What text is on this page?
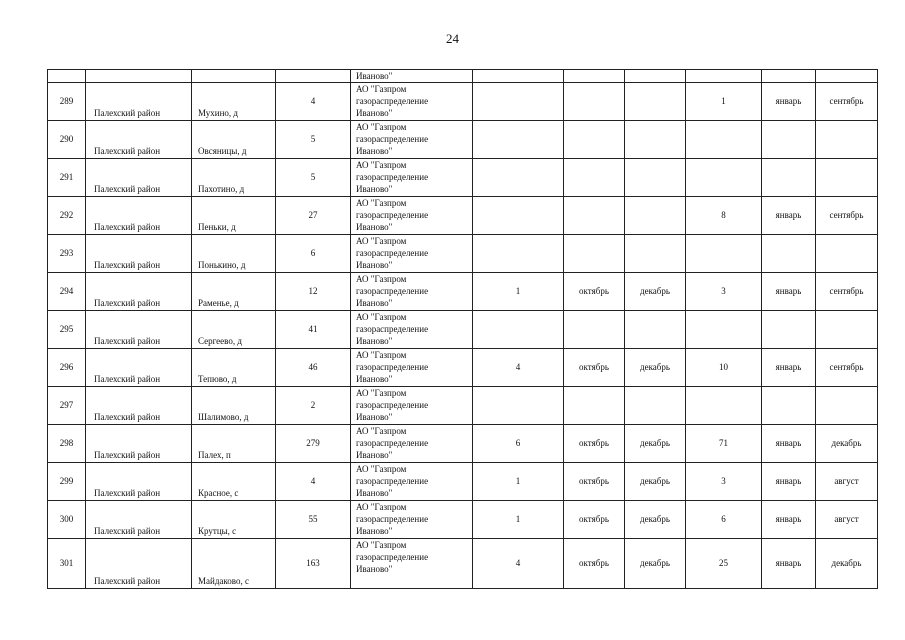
24
				Иваново"						
289	Палехский район	Мухино, д	4	АО "Газпром
газораспределение
Иваново"				1	январь	сентябрь
290	Палехский район	Овсяницы, д	5	АО "Газпром
газораспределение
Иваново"						

291	Палехский район	Пахотино, д	5	АО "Газпром
газораспределение
Иваново"						

292	Палехский район	Пеньки, д	27	АО "Газпром
газораспределение
Иваново"				8	январь	сентябрь
293	Палехский район	Понькино, д	6	АО "Газпром
газораспределение
Иваново"						

294	Палехский район	Раменье, д	12	АО "Газпром
газораспределение
Иваново"	1	октябрь	декабрь	3	январь	сентябрь
295	Палехский район	Сергеево, д	41	АО "Газпром
газораспределение
Иваново"						

296	Палехский район	Тепюво, д	46	АО "Газпром
газораспределение
Иваново"	4	октябрь	декабрь	10	январь	сентябрь
297	Палехский район	Шалимово, д	2	АО "Газпром
газораспределение
Иваново"						

298	Палехский район	Палех, п	279	АО "Газпром
газораспределение
Иваново"	6	октябрь	декабрь	71	январь	декабрь
299	Палехский район	Красное, с	4	АО "Газпром
газораспределение
Иваново"	1	октябрь	декабрь	3	январь	август
300	Палехский район	Крутцы, с	55	АО "Газпром
газораспределение
Иваново"	1	октябрь	декабрь	6	январь	август
301	Палехский район	Майдаково, с	163	АО "Газпром
газораспределение
Иваново"	4	октябрь	декабрь	25	январь	декабрь
